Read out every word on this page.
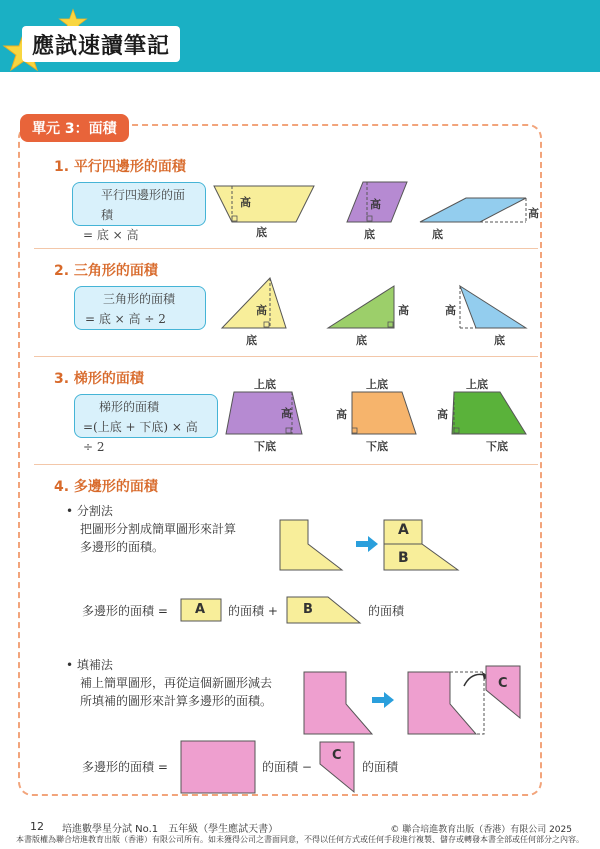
應試速讀筆記
單元 3：面積
1. 平行四邊形的面積
平行四邊形的面積
= 底 × 高
高
底
高
底
高
底
2. 三角形的面積
三角形的面積
= 底 × 高 ÷ 2
高
底
高
底
高
底
3. 梯形的面積
梯形的面積
=(上底 + 下底) × 高 ÷ 2
上底
高
下底
上底
高
下底
上底
高
下底
4. 多邊形的面積
• 分割法
把圖形分割成簡單圖形來計算
多邊形的面積。
A
B
多邊形的面積 = A 的面積 + B	的面積
• 填補法
補上簡單圖形，再從這個新圖形減去
所填補的圖形來計算多邊形的面積。
C
多邊形的面積 =	的面積 −
C
的面積
12 培進數學星分試 No.1　五年級（學生應試天書）	© 聯合培進教育出版（香港）有限公司 2025
本書版權為聯合培進教育出版（香港）有限公司所有。如未獲得公司之書面同意，不得以任何方式或任何手段進行複製、儲存或轉發本書全部或任何部分之內容。
